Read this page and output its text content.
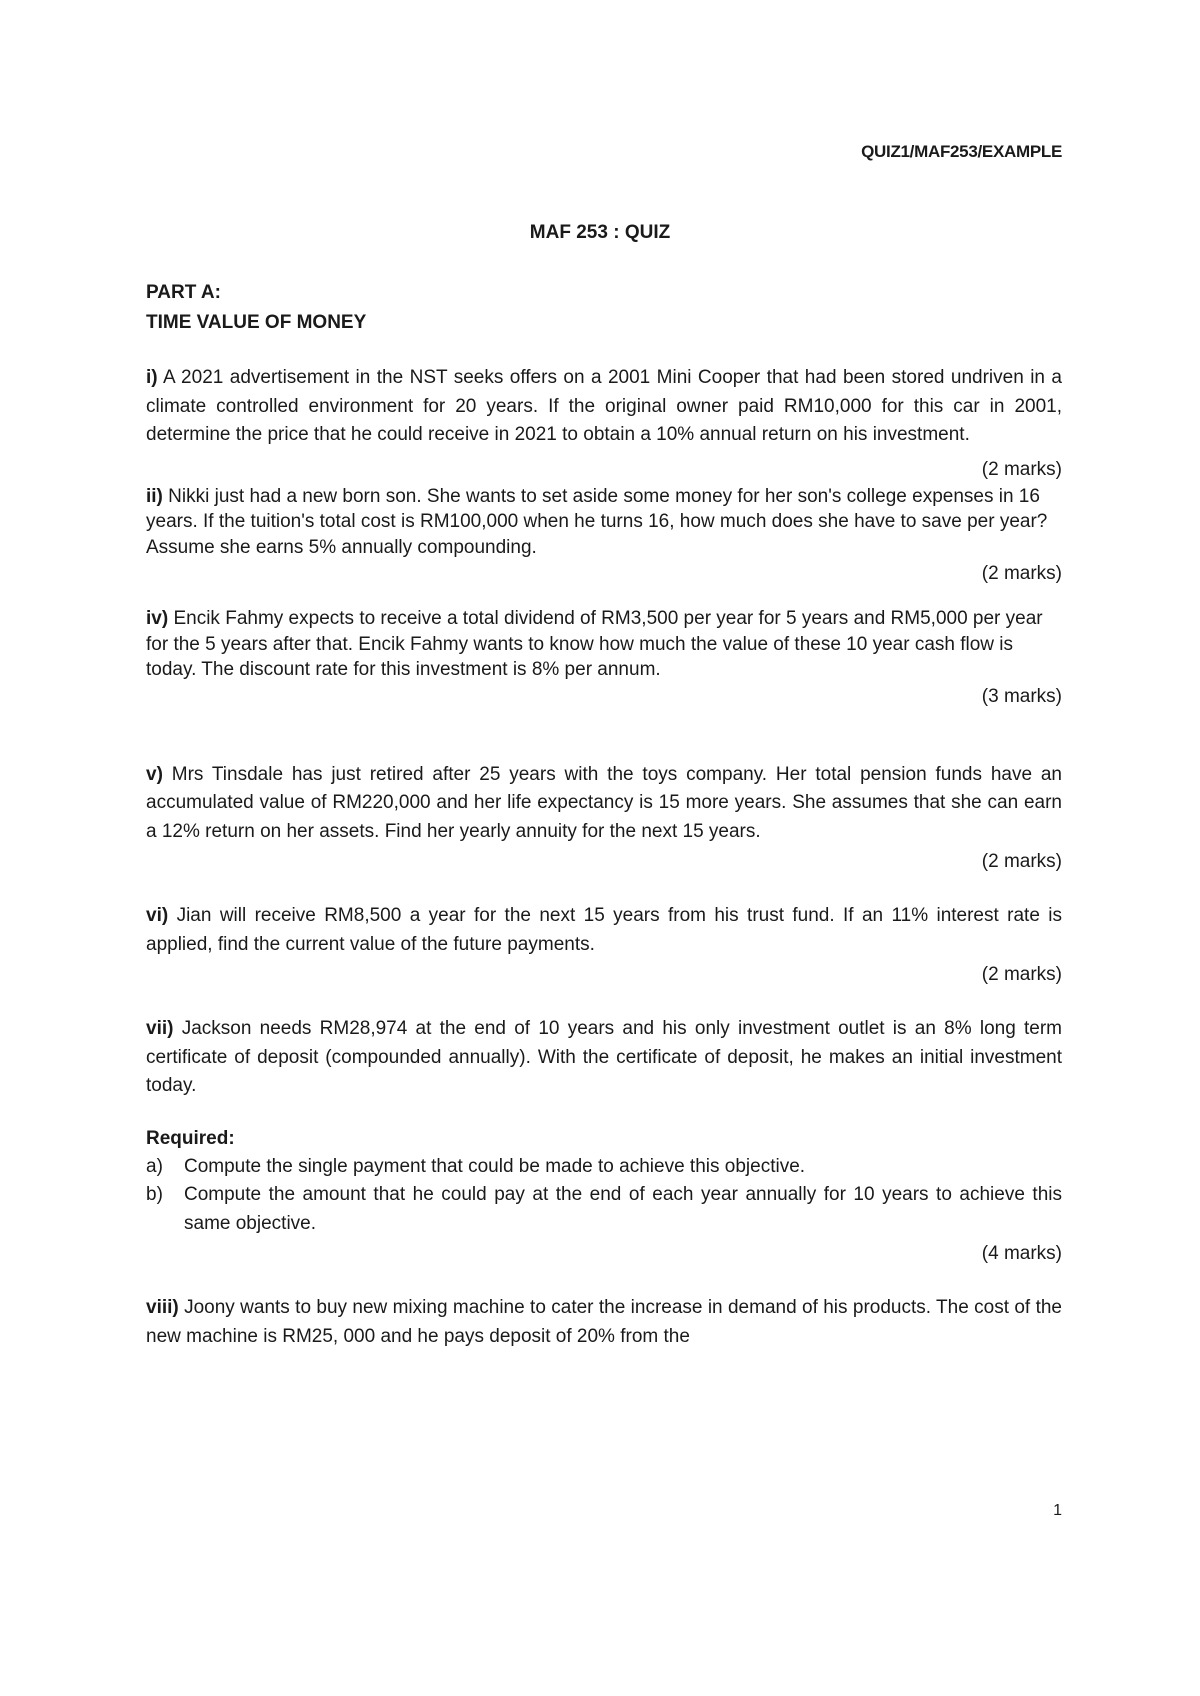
QUIZ1/MAF253/EXAMPLE
MAF 253 : QUIZ
PART A:
TIME VALUE OF MONEY

i) A 2021 advertisement in the NST seeks offers on a 2001 Mini Cooper that had been stored undriven in a climate controlled environment for 20 years. If the original owner paid RM10,000 for this car in 2001, determine the price that he could receive in 2021 to obtain a 10% annual return on his investment.

(2 marks)

ii) Nikki just had a new born son. She wants to set aside some money for her son's college expenses in 16 years. If the tuition's total cost is RM100,000 when he turns 16, how much does she have to save per year? Assume she earns 5% annually compounding.

(2 marks)

iv) Encik Fahmy expects to receive a total dividend of RM3,500 per year for 5 years and RM5,000 per year for the 5 years after that. Encik Fahmy wants to know how much the value of these 10 year cash flow is today. The discount rate for this investment is 8% per annum.

(3 marks)

v) Mrs Tinsdale has just retired after 25 years with the toys company. Her total pension funds have an accumulated value of RM220,000 and her life expectancy is 15 more years. She assumes that she can earn a 12% return on her assets. Find her yearly annuity for the next 15 years.

(2 marks)

vi) Jian will receive RM8,500 a year for the next 15 years from his trust fund. If an 11% interest rate is applied, find the current value of the future payments.

(2 marks)

vii) Jackson needs RM28,974 at the end of 10 years and his only investment outlet is an 8% long term certificate of deposit (compounded annually). With the certificate of deposit, he makes an initial investment today.

Required:
a)	Compute the single payment that could be made to achieve this objective.
b)	Compute the amount that he could pay at the end of each year annually for 10 years to achieve this same objective.
(4 marks)

viii) Joony wants to buy new mixing machine to cater the increase in demand of his products. The cost of the new machine is RM25, 000 and he pays deposit of 20% from the

1
